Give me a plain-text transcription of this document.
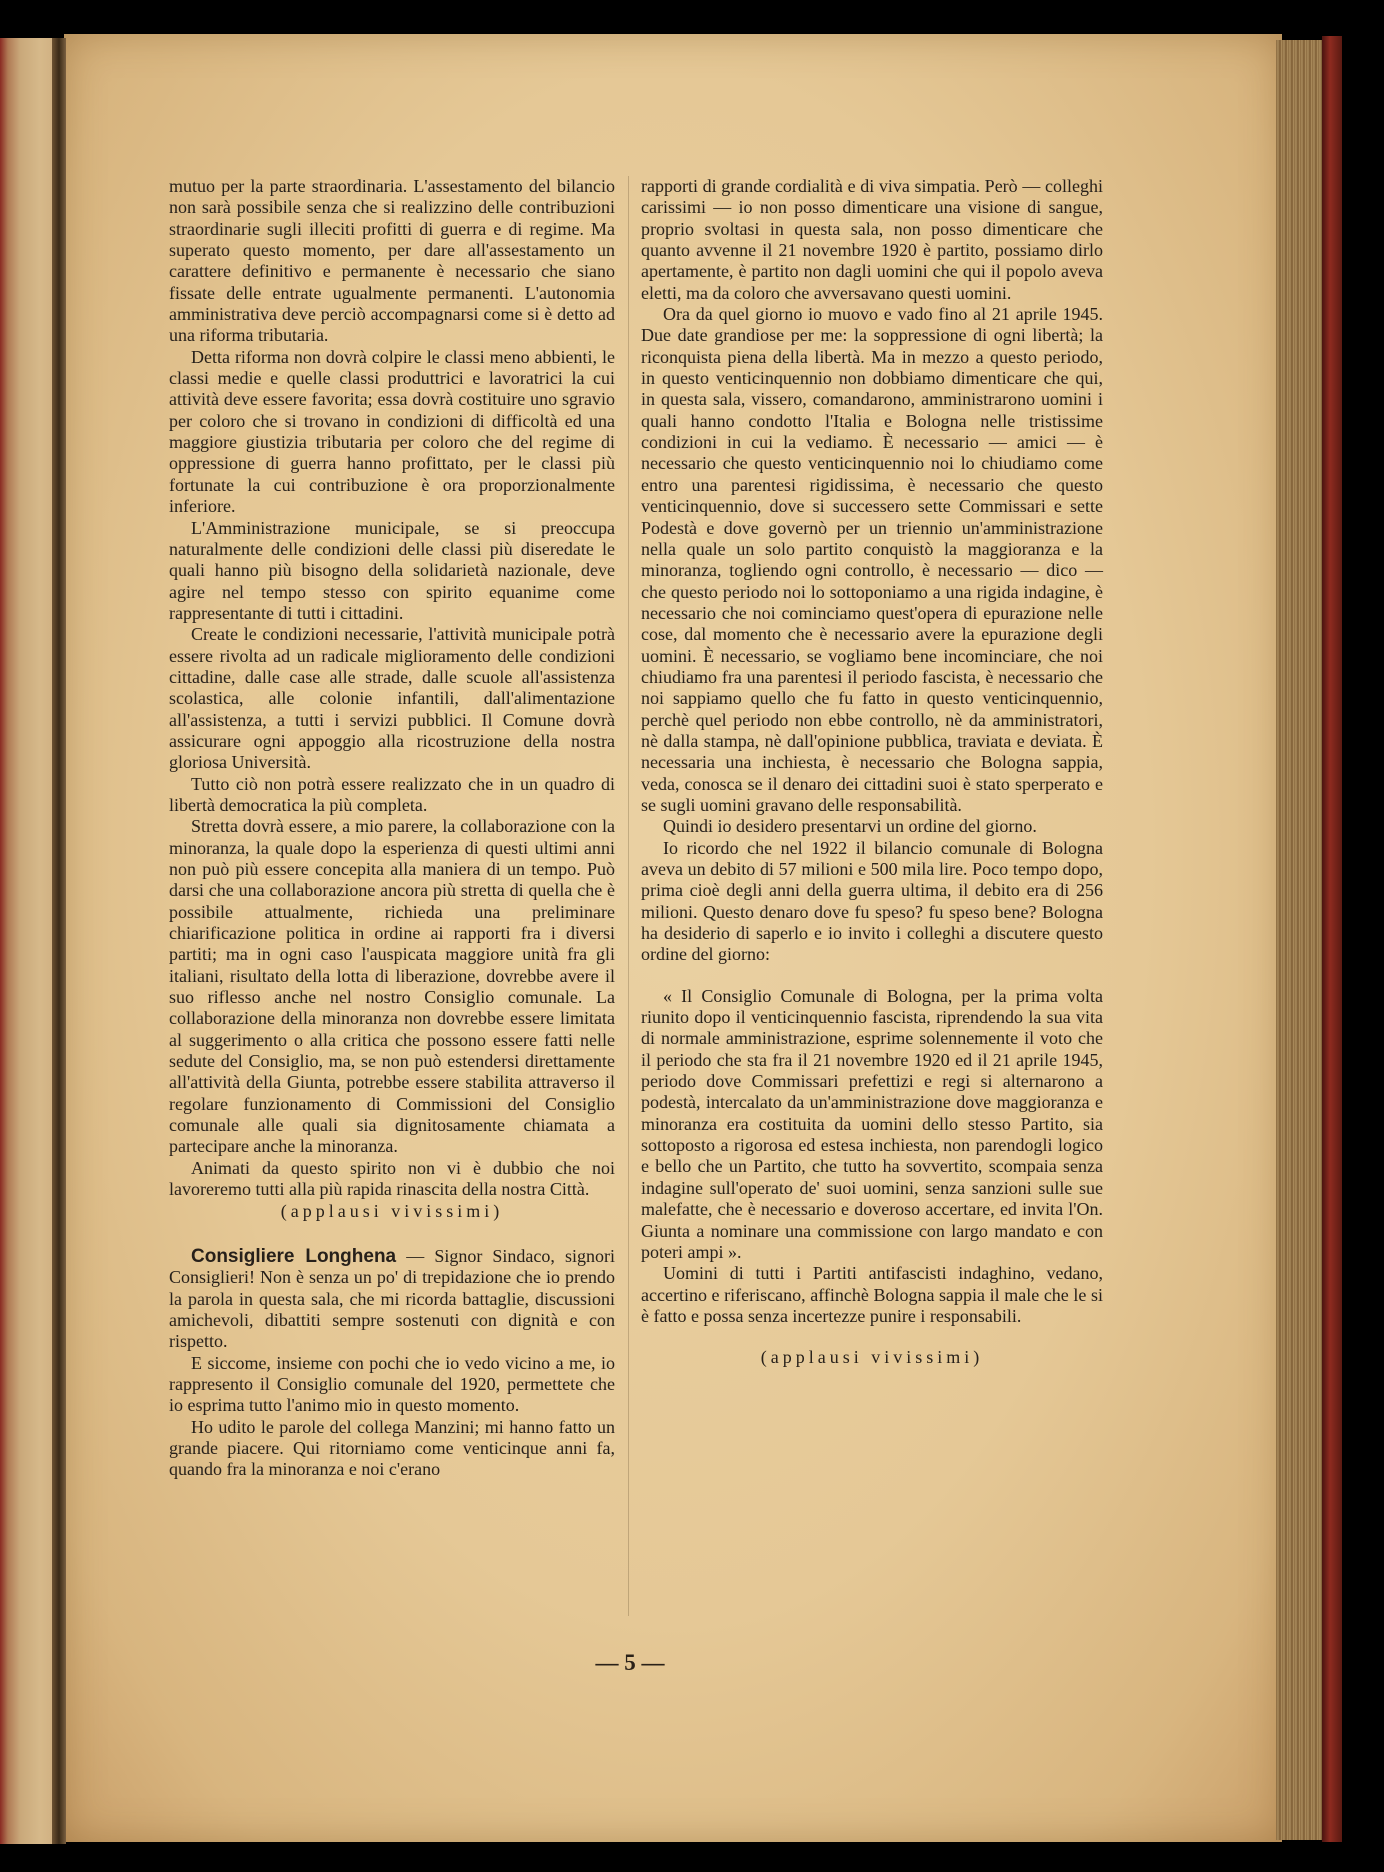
mutuo per la parte straordinaria. L'assestamento del bilancio non sarà possibile senza che si realizzino delle contribuzioni straordinarie sugli illeciti profitti di guerra e di regime. Ma superato questo momento, per dare all'assestamento un carattere definitivo e permanente è necessario che siano fissate delle entrate ugualmente permanenti. L'autonomia amministrativa deve perciò accompagnarsi come si è detto ad una riforma tributaria.

Detta riforma non dovrà colpire le classi meno abbienti, le classi medie e quelle classi produttrici e lavoratrici la cui attività deve essere favorita; essa dovrà costituire uno sgravio per coloro che si trovano in condizioni di difficoltà ed una maggiore giustizia tributaria per coloro che del regime di oppressione di guerra hanno profittato, per le classi più fortunate la cui contribuzione è ora proporzionalmente inferiore.

L'Amministrazione municipale, se si preoccupa naturalmente delle condizioni delle classi più diseredate le quali hanno più bisogno della solidarietà nazionale, deve agire nel tempo stesso con spirito equanime come rappresentante di tutti i cittadini.

Create le condizioni necessarie, l'attività municipale potrà essere rivolta ad un radicale miglioramento delle condizioni cittadine, dalle case alle strade, dalle scuole all'assistenza scolastica, alle colonie infantili, dall'alimentazione all'assistenza, a tutti i servizi pubblici. Il Comune dovrà assicurare ogni appoggio alla ricostruzione della nostra gloriosa Università.

Tutto ciò non potrà essere realizzato che in un quadro di libertà democratica la più completa.

Stretta dovrà essere, a mio parere, la collaborazione con la minoranza, la quale dopo la esperienza di questi ultimi anni non può più essere concepita alla maniera di un tempo. Può darsi che una collaborazione ancora più stretta di quella che è possibile attualmente, richieda una preliminare chiarificazione politica in ordine ai rapporti fra i diversi partiti; ma in ogni caso l'auspicata maggiore unità fra gli italiani, risultato della lotta di liberazione, dovrebbe avere il suo riflesso anche nel nostro Consiglio comunale. La collaborazione della minoranza non dovrebbe essere limitata al suggerimento o alla critica che possono essere fatti nelle sedute del Consiglio, ma, se non può estendersi direttamente all'attività della Giunta, potrebbe essere stabilita attraverso il regolare funzionamento di Commissioni del Consiglio comunale alle quali sia dignitosamente chiamata a partecipare anche la minoranza.

Animati da questo spirito non vi è dubbio che noi lavoreremo tutti alla più rapida rinascita della nostra Città.

(applausi vivissimi)

Consigliere Longhena — Signor Sindaco, signori Consiglieri! Non è senza un po' di trepidazione che io prendo la parola in questa sala, che mi ricorda battaglie, discussioni amichevoli, dibattiti sempre sostenuti con dignità e con rispetto.

E siccome, insieme con pochi che io vedo vicino a me, io rappresento il Consiglio comunale del 1920, permettete che io esprima tutto l'animo mio in questo momento.

Ho udito le parole del collega Manzini; mi hanno fatto un grande piacere. Qui ritorniamo come venticinque anni fa, quando fra la minoranza e noi c'erano

rapporti di grande cordialità e di viva simpatia. Però — colleghi carissimi — io non posso dimenticare una visione di sangue, proprio svoltasi in questa sala, non posso dimenticare che quanto avvenne il 21 novembre 1920 è partito, possiamo dirlo apertamente, è partito non dagli uomini che qui il popolo aveva eletti, ma da coloro che avversavano questi uomini.

Ora da quel giorno io muovo e vado fino al 21 aprile 1945. Due date grandiose per me: la soppressione di ogni libertà; la riconquista piena della libertà. Ma in mezzo a questo periodo, in questo venticinquennio non dobbiamo dimenticare che qui, in questa sala, vissero, comandarono, amministrarono uomini i quali hanno condotto l'Italia e Bologna nelle tristissime condizioni in cui la vediamo. È necessario — amici — è necessario che questo venticinquennio noi lo chiudiamo come entro una parentesi rigidissima, è necessario che questo venticinquennio, dove si successero sette Commissari e sette Podestà e dove governò per un triennio un'amministrazione nella quale un solo partito conquistò la maggioranza e la minoranza, togliendo ogni controllo, è necessario — dico — che questo periodo noi lo sottoponiamo a una rigida indagine, è necessario che noi cominciamo quest'opera di epurazione nelle cose, dal momento che è necessario avere la epurazione degli uomini. È necessario, se vogliamo bene incominciare, che noi chiudiamo fra una parentesi il periodo fascista, è necessario che noi sappiamo quello che fu fatto in questo venticinquennio, perchè quel periodo non ebbe controllo, nè da amministratori, nè dalla stampa, nè dall'opinione pubblica, traviata e deviata. È necessaria una inchiesta, è necessario che Bologna sappia, veda, conosca se il denaro dei cittadini suoi è stato sperperato e se sugli uomini gravano delle responsabilità.

Quindi io desidero presentarvi un ordine del giorno.

Io ricordo che nel 1922 il bilancio comunale di Bologna aveva un debito di 57 milioni e 500 mila lire. Poco tempo dopo, prima cioè degli anni della guerra ultima, il debito era di 256 milioni. Questo denaro dove fu speso? fu speso bene? Bologna ha desiderio di saperlo e io invito i colleghi a discutere questo ordine del giorno:

« Il Consiglio Comunale di Bologna, per la prima volta riunito dopo il venticinquennio fascista, riprendendo la sua vita di normale amministrazione, esprime solennemente il voto che il periodo che sta fra il 21 novembre 1920 ed il 21 aprile 1945, periodo dove Commissari prefettizi e regi si alternarono a podestà, intercalato da un'amministrazione dove maggioranza e minoranza era costituita da uomini dello stesso Partito, sia sottoposto a rigorosa ed estesa inchiesta, non parendogli logico e bello che un Partito, che tutto ha sovvertito, scompaia senza indagine sull'operato de' suoi uomini, senza sanzioni sulle sue malefatte, che è necessario e doveroso accertare, ed invita l'On. Giunta a nominare una commissione con largo mandato e con poteri ampi ».

Uomini di tutti i Partiti antifascisti indaghino, vedano, accertino e riferiscano, affinchè Bologna sappia il male che le si è fatto e possa senza incertezze punire i responsabili.

(applausi vivissimi)

— 5 —
